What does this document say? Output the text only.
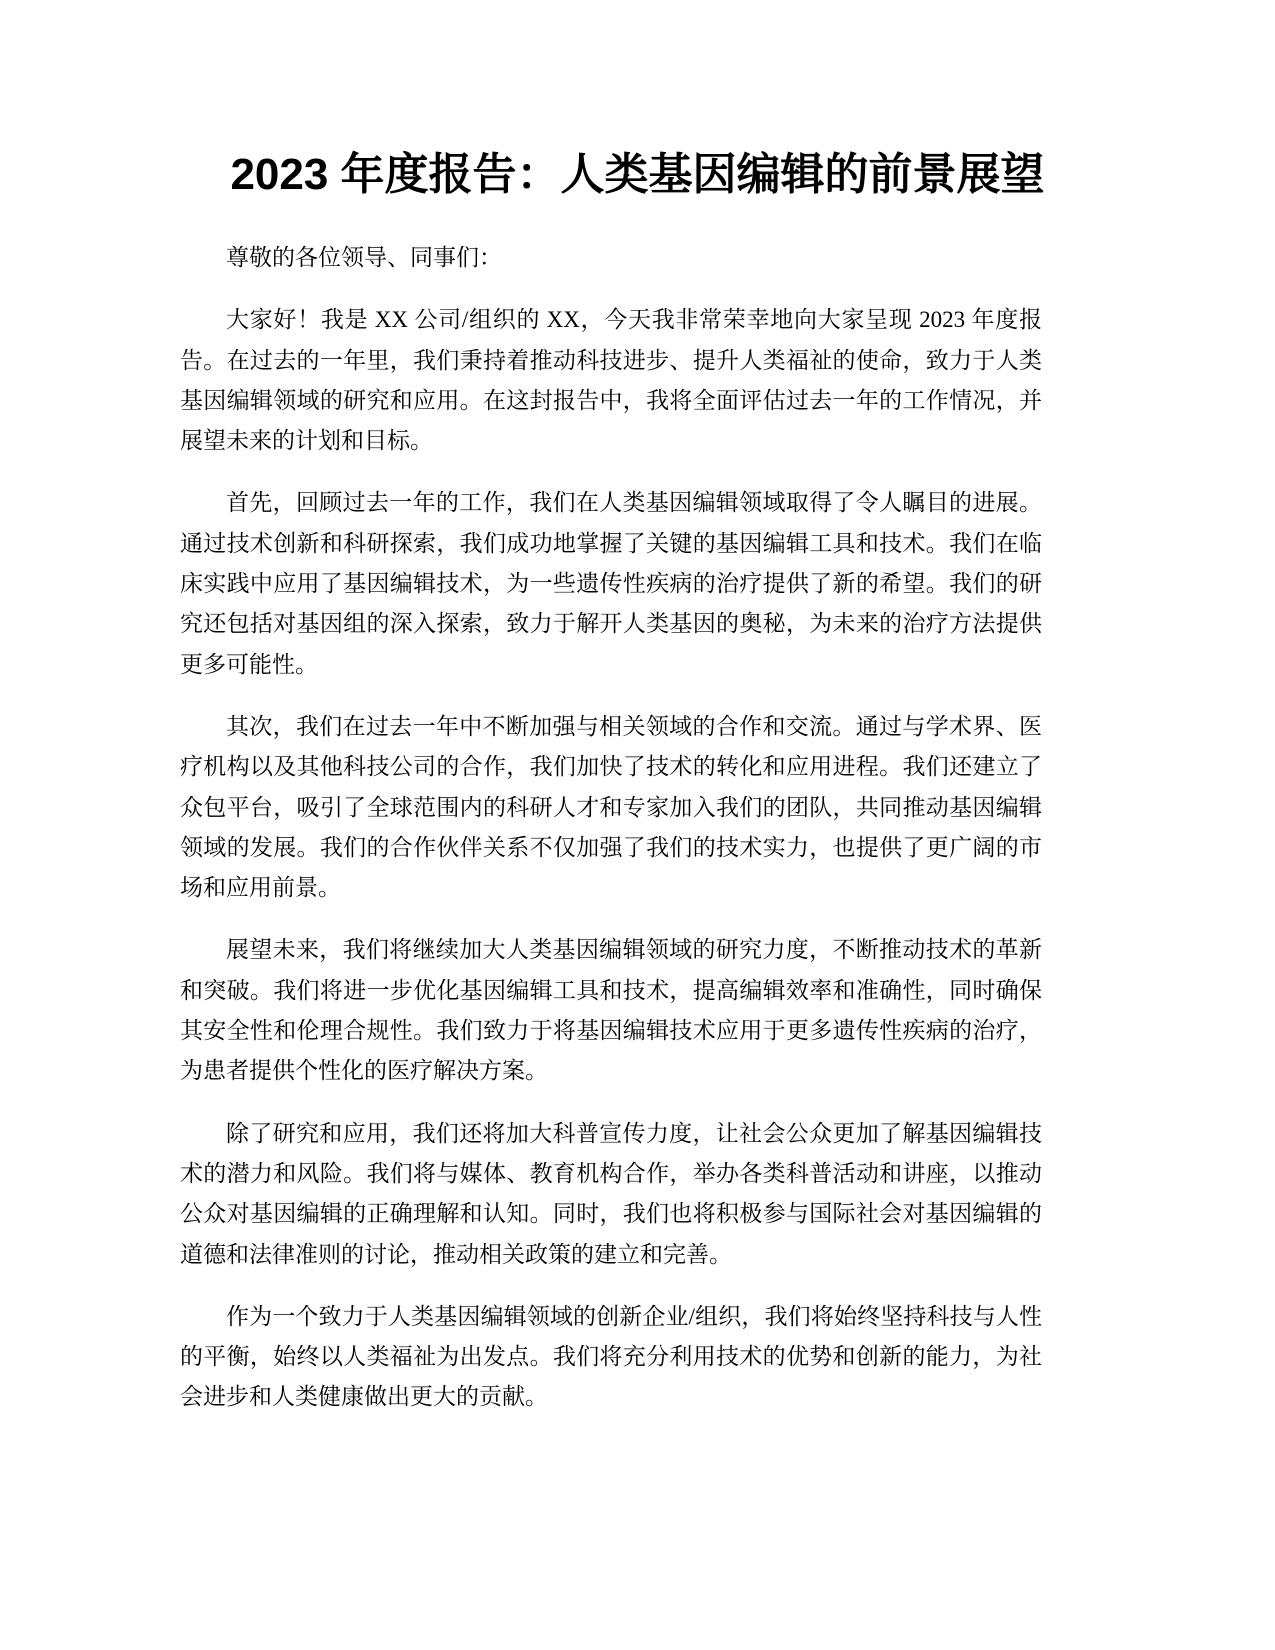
2023 年度报告：人类基因编辑的前景展望

尊敬的各位领导、同事们：

大家好！我是 XX 公司/组织的 XX，今天我非常荣幸地向大家呈现 2023 年度报告。在过去的一年里，我们秉持着推动科技进步、提升人类福祉的使命，致力于人类基因编辑领域的研究和应用。在这封报告中，我将全面评估过去一年的工作情况，并展望未来的计划和目标。

首先，回顾过去一年的工作，我们在人类基因编辑领域取得了令人瞩目的进展。通过技术创新和科研探索，我们成功地掌握了关键的基因编辑工具和技术。我们在临床实践中应用了基因编辑技术，为一些遗传性疾病的治疗提供了新的希望。我们的研究还包括对基因组的深入探索，致力于解开人类基因的奥秘，为未来的治疗方法提供更多可能性。

其次，我们在过去一年中不断加强与相关领域的合作和交流。通过与学术界、医疗机构以及其他科技公司的合作，我们加快了技术的转化和应用进程。我们还建立了众包平台，吸引了全球范围内的科研人才和专家加入我们的团队，共同推动基因编辑领域的发展。我们的合作伙伴关系不仅加强了我们的技术实力，也提供了更广阔的市场和应用前景。

展望未来，我们将继续加大人类基因编辑领域的研究力度，不断推动技术的革新和突破。我们将进一步优化基因编辑工具和技术，提高编辑效率和准确性，同时确保其安全性和伦理合规性。我们致力于将基因编辑技术应用于更多遗传性疾病的治疗，为患者提供个性化的医疗解决方案。

除了研究和应用，我们还将加大科普宣传力度，让社会公众更加了解基因编辑技术的潜力和风险。我们将与媒体、教育机构合作，举办各类科普活动和讲座，以推动公众对基因编辑的正确理解和认知。同时，我们也将积极参与国际社会对基因编辑的道德和法律准则的讨论，推动相关政策的建立和完善。

作为一个致力于人类基因编辑领域的创新企业/组织，我们将始终坚持科技与人性的平衡，始终以人类福祉为出发点。我们将充分利用技术的优势和创新的能力，为社会进步和人类健康做出更大的贡献。
